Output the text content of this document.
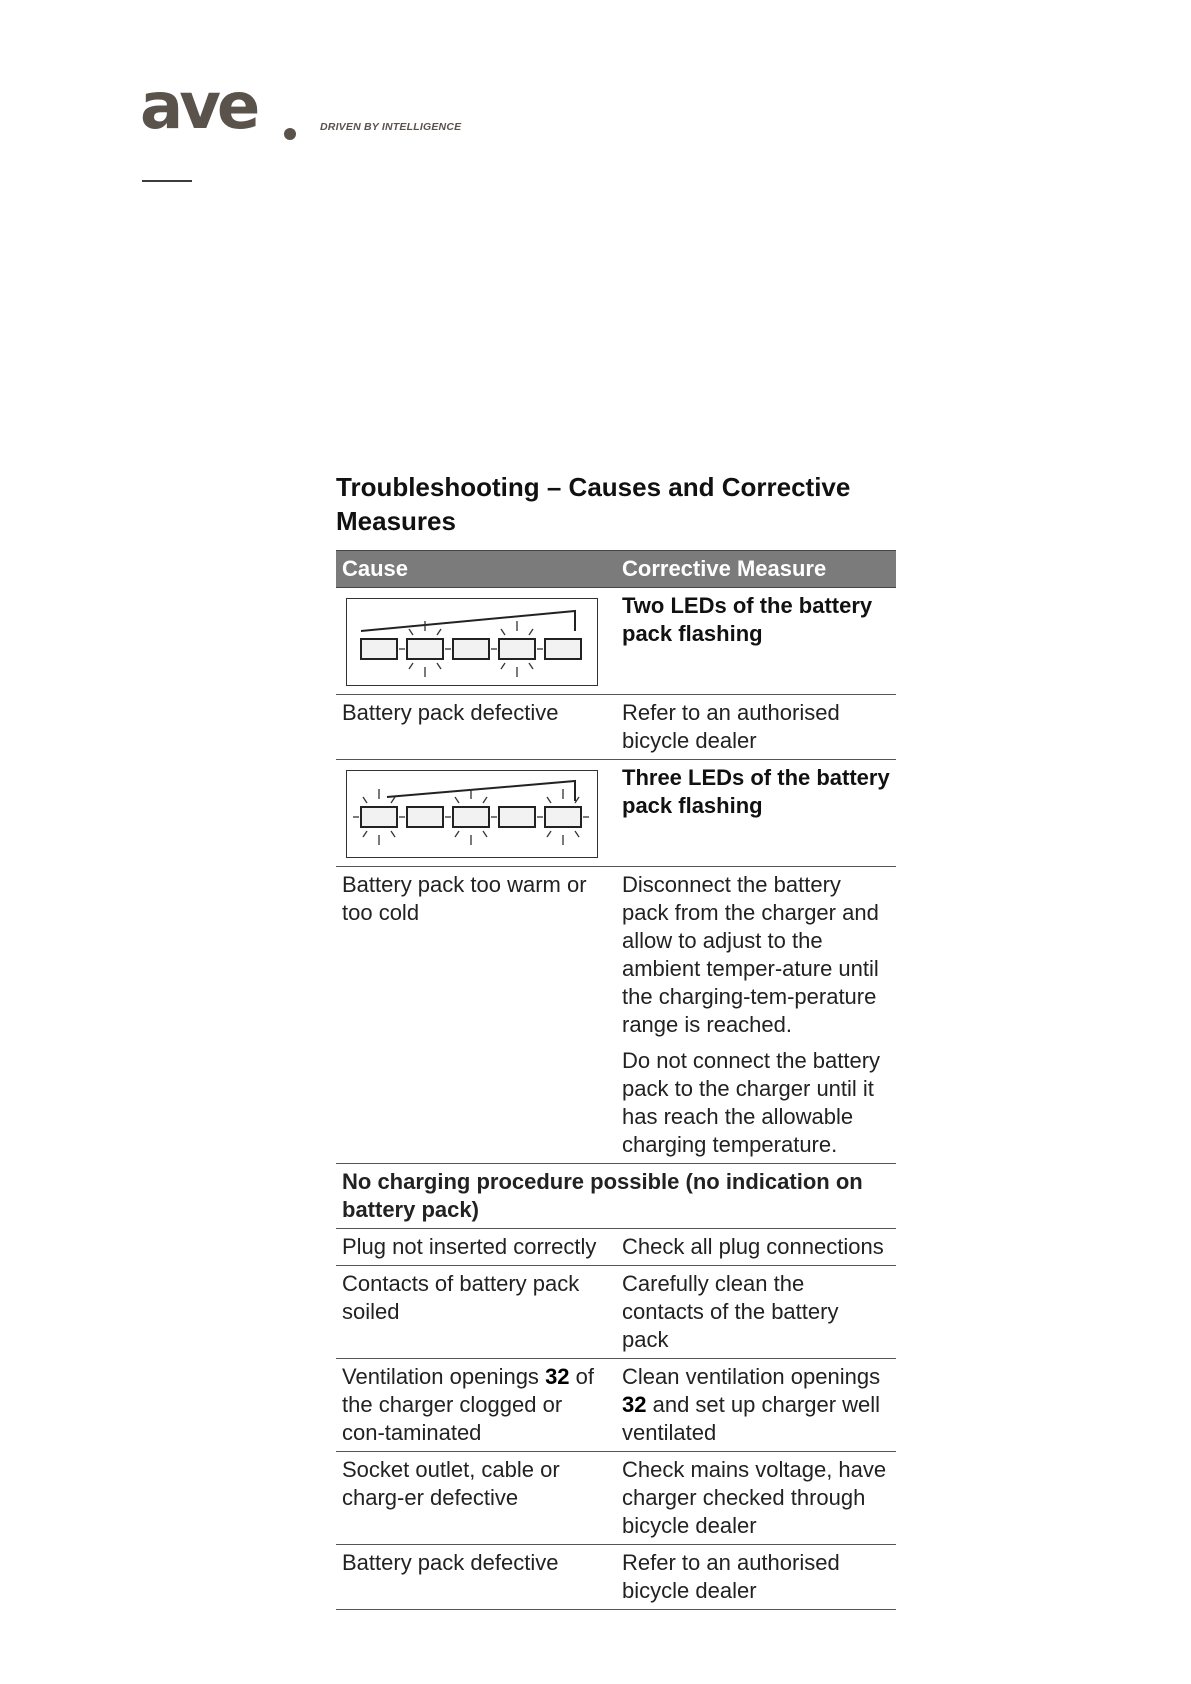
ave	DRIVEN BY INTELLIGENCE
Troubleshooting – Causes and Corrective Measures
Cause	Corrective Measure

	Two LEDs of the battery pack flashing
Battery pack defective	Refer to an authorised bicycle dealer

	Three LEDs of the battery pack flashing
Battery pack too warm or too cold	Disconnect the battery pack from the charger and allow to adjust to the ambient temper-ature until the charging-tem-perature range is reached.
Do not connect the battery pack to the charger until it has reach the allowable charging temperature.

No charging procedure possible (no indication on battery pack)	
Plug not inserted correctly	Check all plug connections
Contacts of battery pack soiled	Carefully clean the contacts of the battery pack
Ventilation openings 32 of the charger clogged or con-taminated	Clean ventilation openings 32 and set up charger well ventilated
Socket outlet, cable or charg-er defective	Check mains voltage, have charger checked through bicycle dealer
Battery pack defective	Refer to an authorised bicycle dealer
